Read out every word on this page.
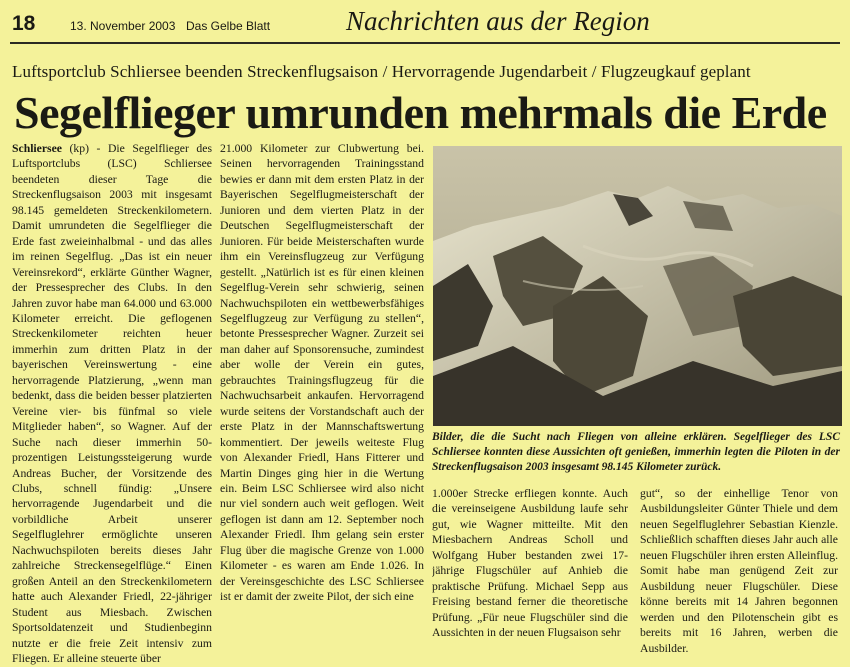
18	13. November 2003 Das Gelbe Blatt	Nachrichten aus der Region
Luftsportclub Schliersee beenden Streckenflugsaison / Hervorragende Jugendarbeit / Flugzeugkauf geplant
Segelflieger umrunden mehrmals die Erde

Schliersee (kp) - Die Segelflieger des Luftsportclubs (LSC) Schliersee beendeten dieser Tage die Streckenflugsaison 2003 mit insgesamt 98.145 gemeldeten Streckenkilometern. Damit umrundeten die Segelflieger die Erde fast zweieinhalbmal - und das alles im reinen Segelflug. „Das ist ein neuer Vereinsrekord“, erklärte Günther Wagner, der Pressesprecher des Clubs. In den Jahren zuvor habe man 64.000 und 63.000 Kilometer erreicht. Die geflogenen Streckenkilometer reichten heuer immerhin zum dritten Platz in der bayerischen Vereinswertung - eine hervorragende Platzierung, „wenn man bedenkt, dass die beiden besser platzierten Vereine vier- bis fünfmal so viele Mitglieder haben“, so Wagner. Auf der Suche nach dieser immerhin 50-prozentigen Leistungssteigerung wurde Andreas Bucher, der Vorsitzende des Clubs, schnell fündig: „Unsere hervorragende Jugendarbeit und die vorbildliche Arbeit unserer Segelfluglehrer ermöglichte unseren Nachwuchspiloten bereits dieses Jahr zahlreiche Streckensegelflüge.“ Einen großen Anteil an den Streckenkilometern hatte auch Alexander Friedl, 22-jähriger Student aus Miesbach. Zwischen Sportsoldatenzeit und Studienbeginn nutzte er die freie Zeit intensiv zum Fliegen. Er alleine steuerte über

21.000 Kilometer zur Clubwertung bei. Seinen hervorragenden Trainingsstand bewies er dann mit dem ersten Platz in der Bayerischen Segelflugmeisterschaft der Junioren und dem vierten Platz in der Deutschen Segelflugmeisterschaft der Junioren. Für beide Meisterschaften wurde ihm ein Vereinsflugzeug zur Verfügung gestellt. „Natürlich ist es für einen kleinen Segelflug-Verein sehr schwierig, seinen Nachwuchspiloten ein wettbewerbsfähiges Segelflugzeug zur Verfügung zu stellen“, betonte Pressesprecher Wagner. Zurzeit sei man daher auf Sponsorensuche, zumindest aber wolle der Verein ein gutes, gebrauchtes Trainingsflugzeug für die Nachwuchsarbeit ankaufen. Hervorragend wurde seitens der Vorstandschaft auch der erste Platz in der Mannschaftswertung kommentiert. Der jeweils weiteste Flug von Alexander Friedl, Hans Fitterer und Martin Dinges ging hier in die Wertung ein. Beim LSC Schliersee wird also nicht nur viel sondern auch weit geflogen. Weit geflogen ist dann am 12. September noch Alexander Friedl. Ihm gelang sein erster Flug über die magische Grenze von 1.000 Kilometer - es waren am Ende 1.026. In der Vereinsgeschichte des LSC Schliersee ist er damit der zweite Pilot, der sich eine

Bilder, die die Sucht nach Fliegen von alleine erklären. Segelflieger des LSC Schliersee konnten diese Aussichten oft genießen, immerhin legten die Piloten in der Streckenflugsaison 2003 insgesamt 98.145 Kilometer zurück.

1.000er Strecke erfliegen konnte. Auch die vereinseigene Ausbildung laufe sehr gut, wie Wagner mitteilte. Mit den Miesbachern Andreas Scholl und Wolfgang Huber bestanden zwei 17-jährige Flugschüler auf Anhieb die praktische Prüfung. Michael Sepp aus Freising bestand ferner die theoretische Prüfung. „Für neue Flugschüler sind die Aussichten in der neuen Flugsaison sehr

gut“, so der einhellige Tenor von Ausbildungsleiter Günter Thiele und dem neuen Segelfluglehrer Sebastian Kienzle. Schließlich schafften dieses Jahr auch alle neuen Flugschüler ihren ersten Alleinflug. Somit habe man genügend Zeit zur Ausbildung neuer Flugschüler. Diese könne bereits mit 14 Jahren begonnen werden und den Pilotenschein gibt es bereits mit 16 Jahren, werben die Ausbilder.
